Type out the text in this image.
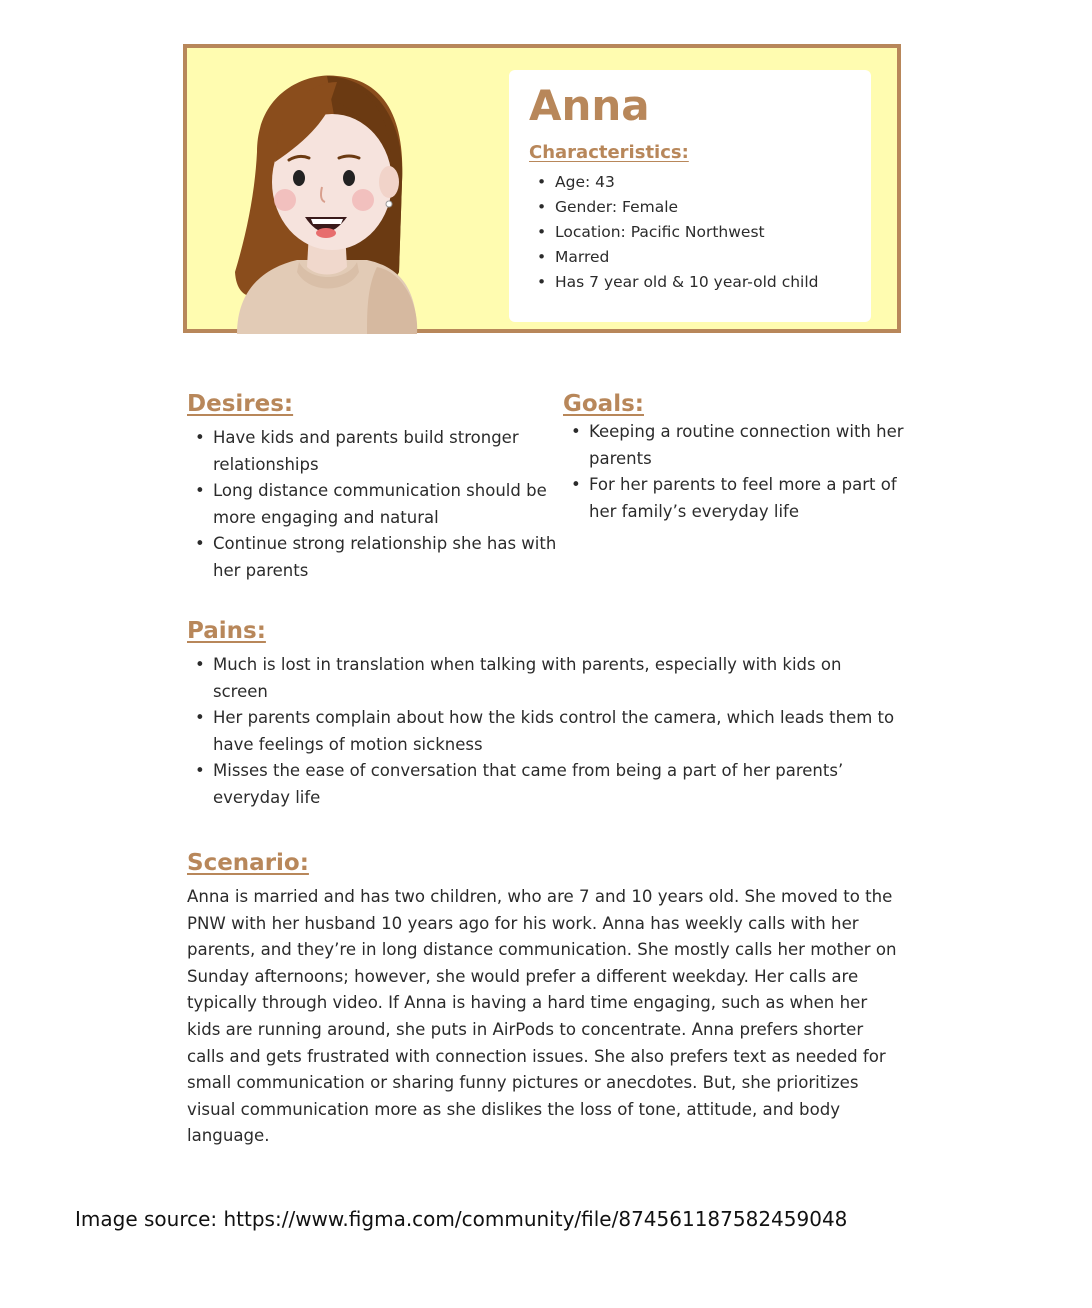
Anna
Characteristics:
• Age: 43
• Gender: Female
• Location: Pacific Northwest
• Marred
• Has 7 year old & 10 year-old child
Desires:
• Have kids and parents build stronger relationships
• Long distance communication should be more engaging and natural
• Continue strong relationship she has with her parents
Goals:
• Keeping a routine connection with her parents
• For her parents to feel more a part of her family’s everyday life
Pains:
• Much is lost in translation when talking with parents, especially with kids on screen
• Her parents complain about how the kids control the camera, which leads them to have feelings of motion sickness
• Misses the ease of conversation that came from being a part of her parents’ everyday life
Scenario:

Anna is married and has two children, who are 7 and 10 years old. She moved to the PNW with her husband 10 years ago for his work. Anna has weekly calls with her parents, and they’re in long distance communication. She mostly calls her mother on Sunday afternoons; however, she would prefer a different weekday. Her calls are typically through video. If Anna is having a hard time engaging, such as when her kids are running around, she puts in AirPods to concentrate. Anna prefers shorter calls and gets frustrated with connection issues. She also prefers text as needed for small communication or sharing funny pictures or anecdotes. But, she prioritizes visual communication more as she dislikes the loss of tone, attitude, and body language.

Image source: https://www.figma.com/community/file/874561187582459048
